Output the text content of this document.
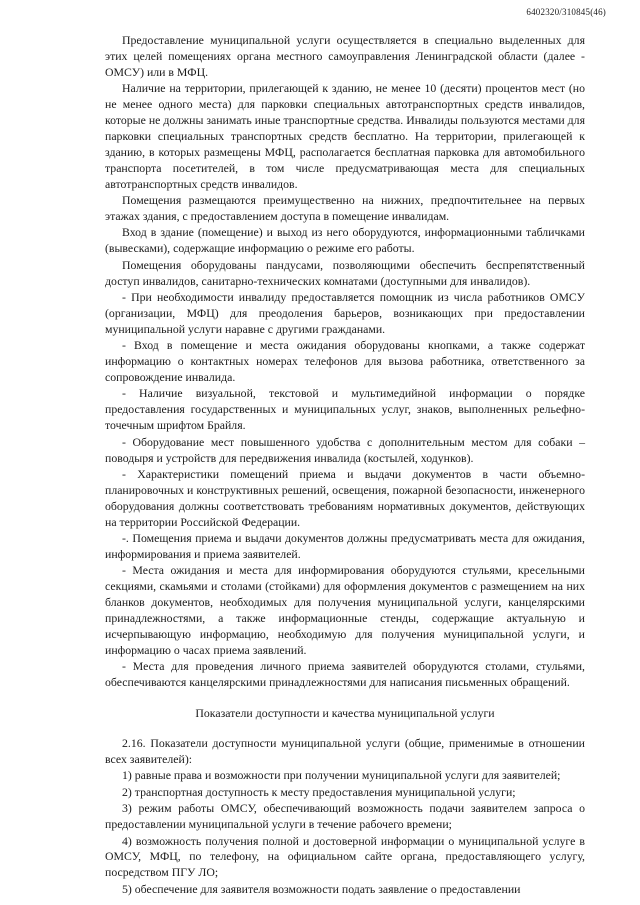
6402320/310845(46)

Предоставление муниципальной услуги осуществляется в специально выделенных для этих целей помещениях органа местного самоуправления Ленинградской области (далее - ОМСУ) или в МФЦ.

Наличие на территории, прилегающей к зданию, не менее 10 (десяти) процентов мест (но не менее одного места) для парковки специальных автотранспортных средств инвалидов, которые не должны занимать иные транспортные средства. Инвалиды пользуются местами для парковки специальных транспортных средств бесплатно. На территории, прилегающей к зданию, в которых размещены МФЦ, располагается бесплатная парковка для автомобильного транспорта посетителей, в том числе предусматривающая места для специальных автотранспортных средств инвалидов.

Помещения размещаются преимущественно на нижних, предпочтительнее на первых этажах здания, с предоставлением доступа в помещение инвалидам.

Вход в здание (помещение) и выход из него оборудуются, информационными табличками (вывесками), содержащие информацию о режиме его работы.

Помещения оборудованы пандусами, позволяющими обеспечить беспрепятственный доступ инвалидов, санитарно-технических комнатами (доступными для инвалидов).

- При необходимости инвалиду предоставляется помощник из числа работников ОМСУ (организации, МФЦ) для преодоления барьеров, возникающих при предоставлении муниципальной услуги наравне с другими гражданами.

- Вход в помещение и места ожидания оборудованы кнопками, а также содержат информацию о контактных номерах телефонов для вызова работника, ответственного за сопровождение инвалида.

- Наличие визуальной, текстовой и мультимедийной информации о порядке предоставления государственных и муниципальных услуг, знаков, выполненных рельефно-точечным шрифтом Брайля.

- Оборудование мест повышенного удобства с дополнительным местом для собаки – поводыря и устройств для передвижения инвалида (костылей, ходунков).

- Характеристики помещений приема и выдачи документов в части объемно-планировочных и конструктивных решений, освещения, пожарной безопасности, инженерного оборудования должны соответствовать требованиям нормативных документов, действующих на территории Российской Федерации.

-. Помещения приема и выдачи документов должны предусматривать места для ожидания, информирования и приема заявителей.

- Места ожидания и места для информирования оборудуются стульями, кресельными секциями, скамьями и столами (стойками) для оформления документов с размещением на них бланков документов, необходимых для получения муниципальной услуги, канцелярскими принадлежностями, а также информационные стенды, содержащие актуальную и исчерпывающую информацию, необходимую для получения муниципальной услуги, и информацию о часах приема заявлений.

- Места для проведения личного приема заявителей оборудуются столами, стульями, обеспечиваются канцелярскими принадлежностями для написания письменных обращений.

Показатели доступности и качества муниципальной услуги

2.16. Показатели доступности муниципальной услуги (общие, применимые в отношении всех заявителей):

1) равные права и возможности при получении муниципальной услуги для заявителей;

2) транспортная доступность к месту предоставления муниципальной услуги;

3) режим работы ОМСУ, обеспечивающий возможность подачи заявителем запроса о предоставлении муниципальной услуги в течение рабочего времени;

4) возможность получения полной и достоверной информации о муниципальной услуге в ОМСУ, МФЦ, по телефону, на официальном сайте органа, предоставляющего услугу, посредством ПГУ ЛО;

5) обеспечение для заявителя возможности подать заявление о предоставлении
